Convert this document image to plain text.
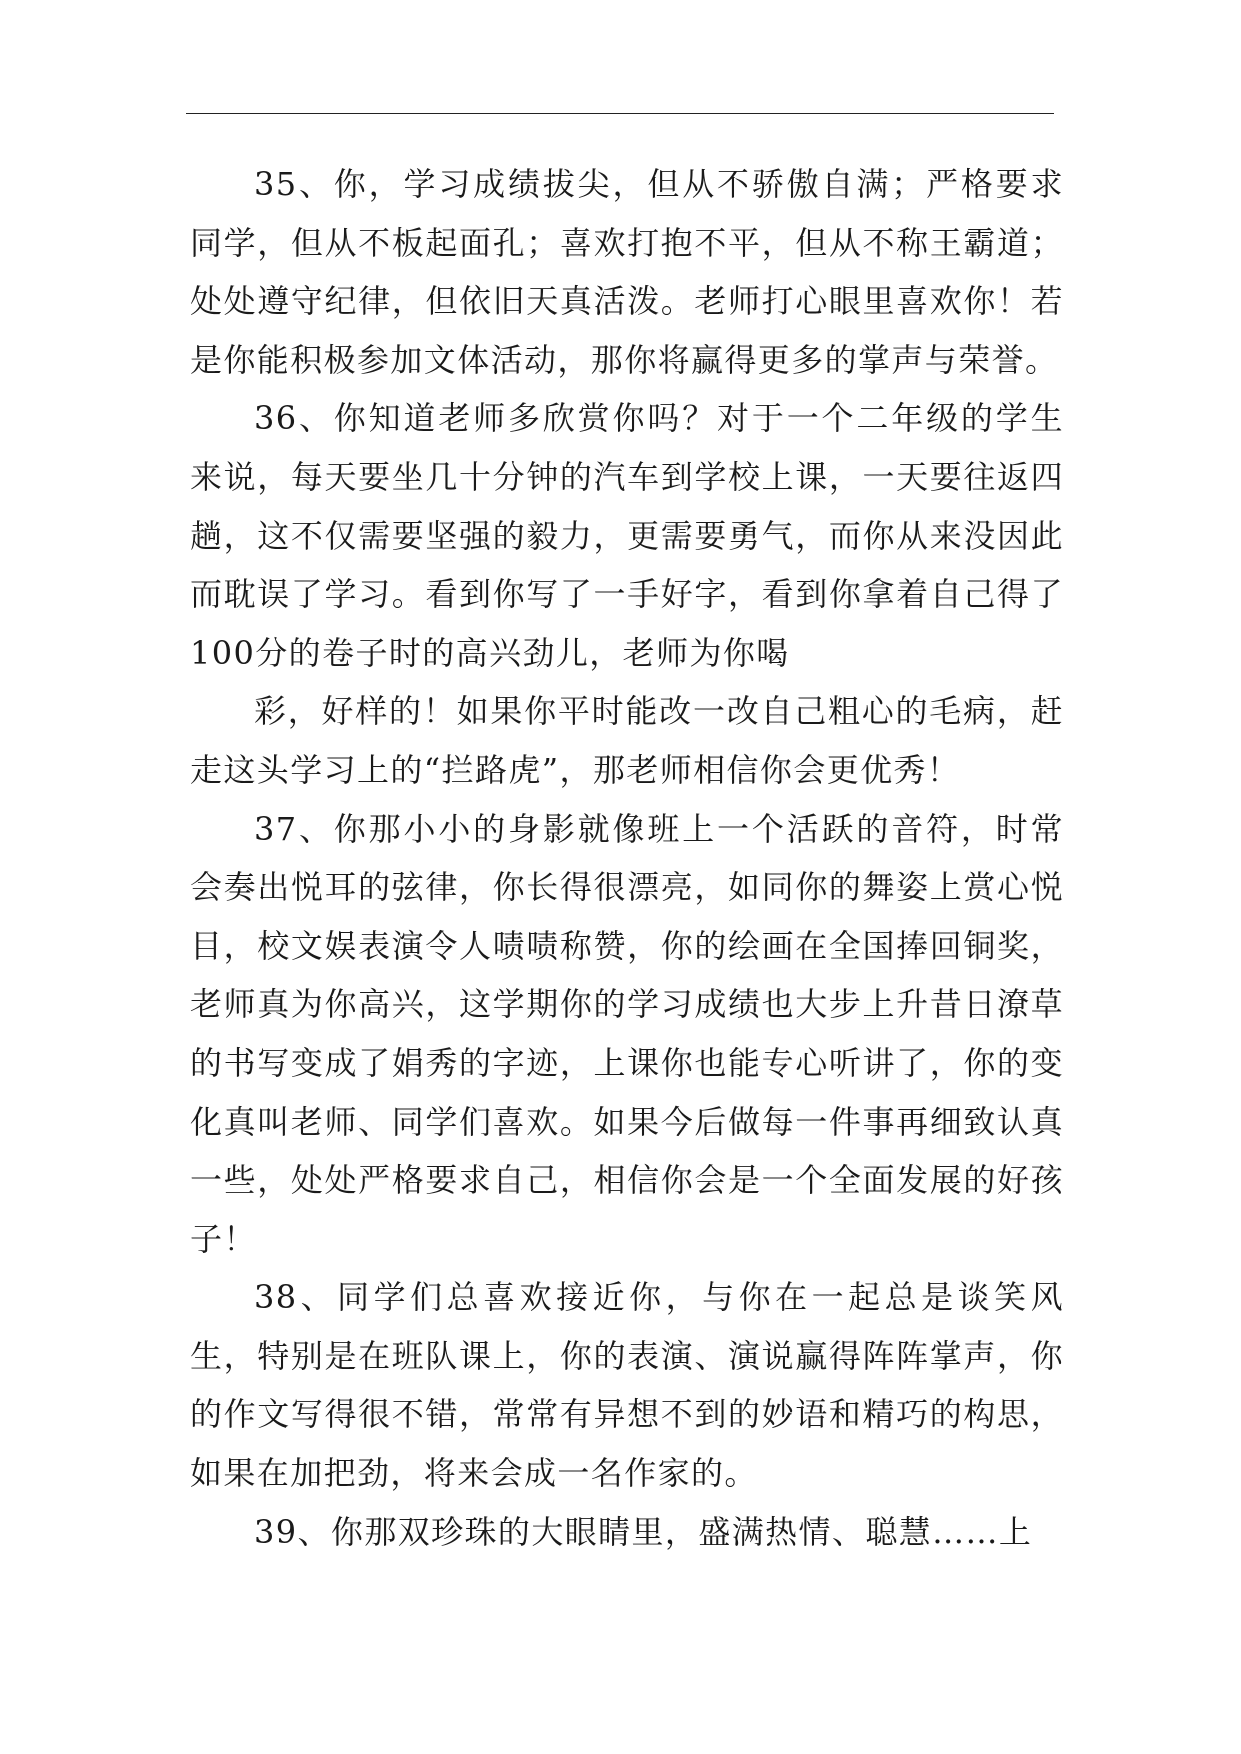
35、你，学习成绩拔尖，但从不骄傲自满；严格要求同学，但从不板起面孔；喜欢打抱不平，但从不称王霸道；处处遵守纪律，但依旧天真活泼。老师打心眼里喜欢你！若是你能积极参加文体活动，那你将赢得更多的掌声与荣誉。

36、你知道老师多欣赏你吗？对于一个二年级的学生来说，每天要坐几十分钟的汽车到学校上课，一天要往返四趟，这不仅需要坚强的毅力，更需要勇气，而你从来没因此而耽误了学习。看到你写了一手好字，看到你拿着自己得了100分的卷子时的高兴劲儿，老师为你喝

彩，好样的！如果你平时能改一改自己粗心的毛病，赶走这头学习上的“拦路虎”，那老师相信你会更优秀！

37、你那小小的身影就像班上一个活跃的音符，时常会奏出悦耳的弦律，你长得很漂亮，如同你的舞姿上赏心悦目，校文娱表演令人啧啧称赞，你的绘画在全国捧回铜奖，老师真为你高兴，这学期你的学习成绩也大步上升昔日潦草的书写变成了娟秀的字迹，上课你也能专心听讲了，你的变化真叫老师、同学们喜欢。如果今后做每一件事再细致认真一些，处处严格要求自己，相信你会是一个全面发展的好孩子！

38、同学们总喜欢接近你，与你在一起总是谈笑风生，特别是在班队课上，你的表演、演说赢得阵阵掌声，你的作文写得很不错，常常有异想不到的妙语和精巧的构思，如果在加把劲，将来会成一名作家的。

39、你那双珍珠的大眼睛里，盛满热情、聪慧……上
